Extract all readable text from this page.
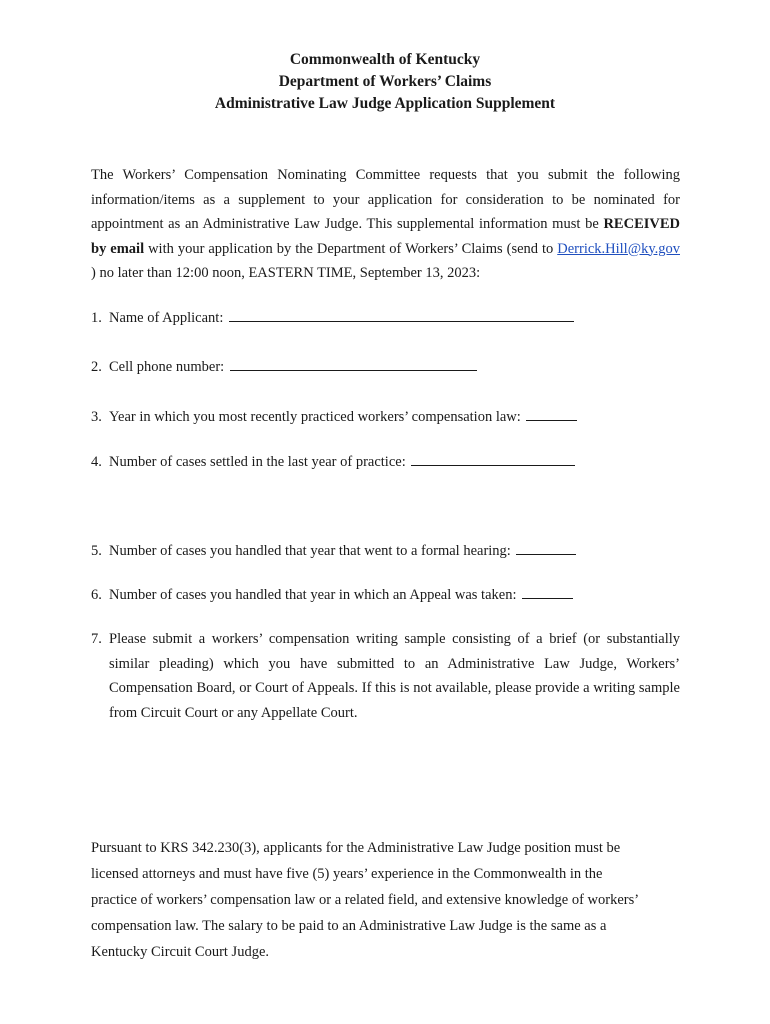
Commonwealth of Kentucky
Department of Workers’ Claims
Administrative Law Judge Application Supplement
The Workers’ Compensation Nominating Committee requests that you submit the following information/items as a supplement to your application for consideration to be nominated for appointment as an Administrative Law Judge. This supplemental information must be RECEIVED by email with your application by the Department of Workers’ Claims (send to Derrick.Hill@ky.gov ) no later than 12:00 noon, EASTERN TIME, September 13, 2023:
1. Name of Applicant:
2. Cell phone number:
3. Year in which you most recently practiced workers’ compensation law:
4. Number of cases settled in the last year of practice:
5. Number of cases you handled that year that went to a formal hearing:
6. Number of cases you handled that year in which an Appeal was taken:
7. Please submit a workers’ compensation writing sample consisting of a brief (or substantially similar pleading) which you have submitted to an Administrative Law Judge, Workers’ Compensation Board, or Court of Appeals. If this is not available, please provide a writing sample from Circuit Court or any Appellate Court.
Pursuant to KRS 342.230(3), applicants for the Administrative Law Judge position must be licensed attorneys and must have five (5) years’ experience in the Commonwealth in the practice of workers’ compensation law or a related field, and extensive knowledge of workers’ compensation law. The salary to be paid to an Administrative Law Judge is the same as a Kentucky Circuit Court Judge.
